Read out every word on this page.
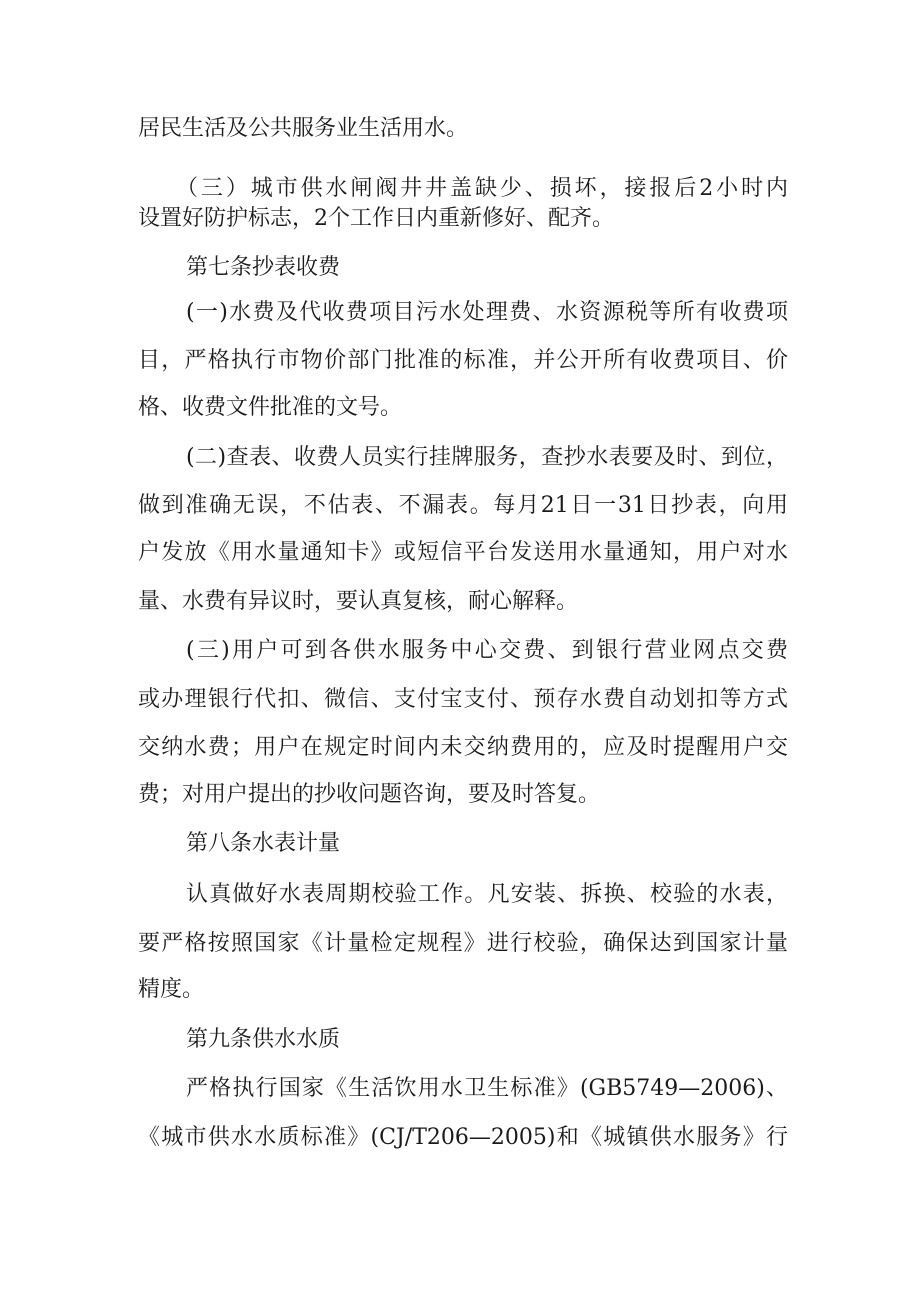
居民生活及公共服务业生活用水。
（三）城市供水闸阀井井盖缺少、损坏，接报后2小时内
设置好防护标志，2个工作日内重新修好、配齐。
第七条抄表收费
(一)水费及代收费项目污水处理费、水资源税等所有收费项
目，严格执行市物价部门批准的标准，并公开所有收费项目、价
格、收费文件批准的文号。
(二)查表、收费人员实行挂牌服务，查抄水表要及时、到位，
做到准确无误，不估表、不漏表。每月21日一31日抄表，向用
户发放《用水量通知卡》或短信平台发送用水量通知，用户对水
量、水费有异议时，要认真复核，耐心解释。
(三)用户可到各供水服务中心交费、到银行营业网点交费
或办理银行代扣、微信、支付宝支付、预存水费自动划扣等方式
交纳水费；用户在规定时间内未交纳费用的，应及时提醒用户交
费；对用户提出的抄收问题咨询，要及时答复。
第八条水表计量
认真做好水表周期校验工作。凡安装、拆换、校验的水表，
要严格按照国家《计量检定规程》进行校验，确保达到国家计量
精度。
第九条供水水质
严格执行国家《生活饮用水卫生标准》(GB5749—2006)、
《城市供水水质标准》(CJ/T206—2005)和《城镇供水服务》行
